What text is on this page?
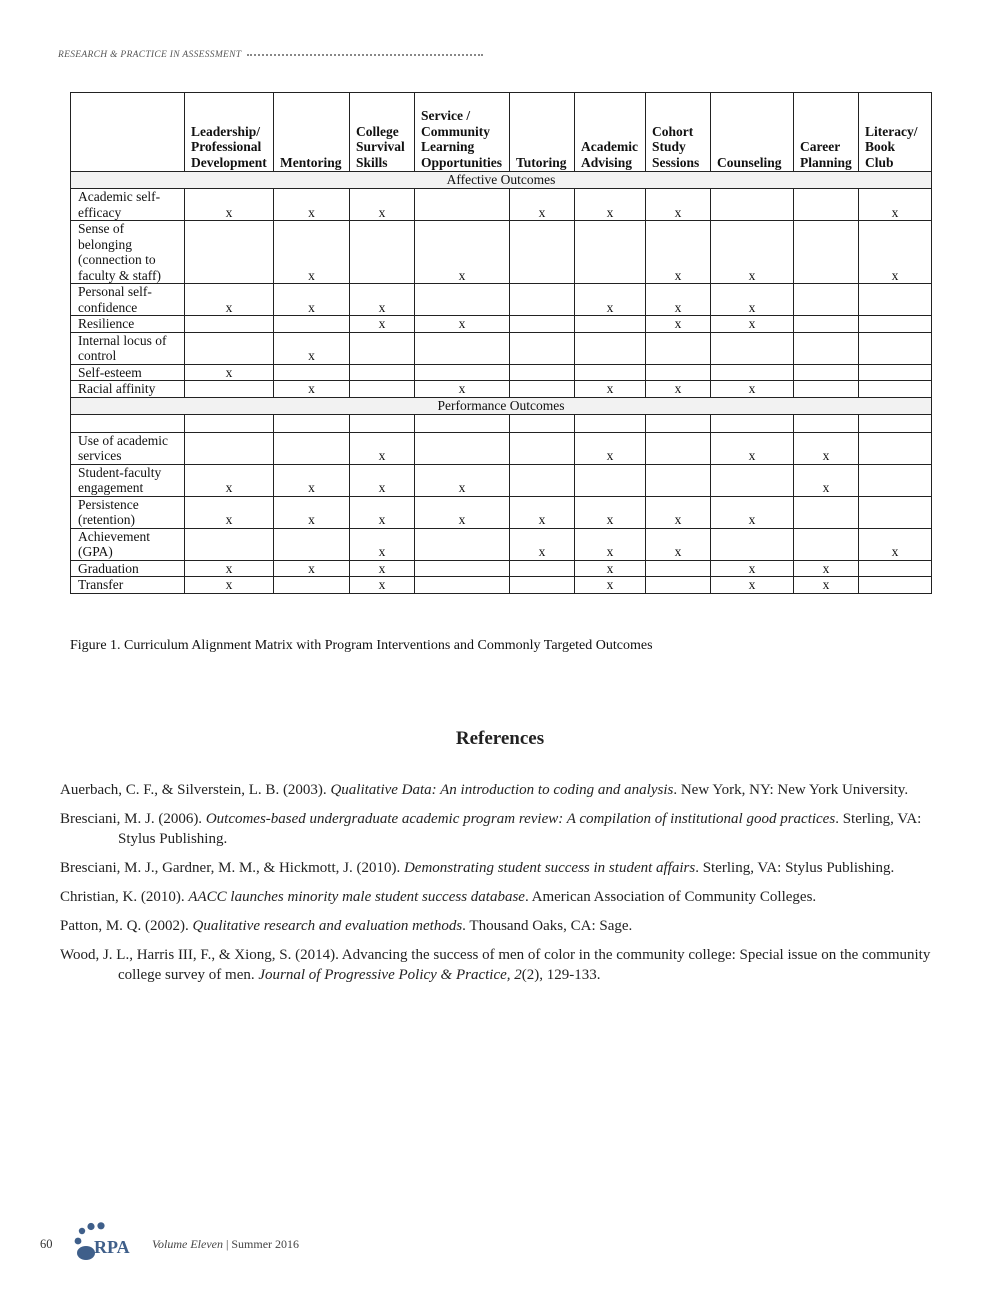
RESEARCH & PRACTICE IN ASSESSMENT
	Leadership/
Professional
Development	Mentoring	College
Survival
Skills	Service /
Community
Learning
Opportunities	Tutoring	Academic
Advising	Cohort
Study
Sessions	Counseling	Career
Planning	Literacy/
Book
Club
Affective Outcomes										
Academic self-
efficacy	x	x	x		x	x	x			x
Sense of
belonging
(connection to
faculty & staff)		x		x			x	x		x
Personal self-
confidence	x	x	x			x	x	x		
Resilience			x	x			x	x		
Internal locus of
control		x								
Self-esteem	x									
Racial affinity		x		x		x	x	x		
Performance Outcomes										

Use of academic
services			x			x		x	x	
Student-faculty
engagement	x	x	x	x					x	
Persistence
(retention)	x	x	x	x	x	x	x	x		
Achievement
(GPA)			x		x	x	x			x
Graduation	x	x	x			x		x	x	
Transfer	x		x			x		x	x	
Figure 1. Curriculum Alignment Matrix with Program Interventions and Commonly Targeted Outcomes
References

Auerbach, C. F., & Silverstein, L. B. (2003). Qualitative Data: An introduction to coding and analysis. New York, NY: New York University.

Bresciani, M. J. (2006). Outcomes-based undergraduate academic program review: A compilation of institutional good practices. Sterling, VA: Stylus Publishing.

Bresciani, M. J., Gardner, M. M., & Hickmott, J. (2010). Demonstrating student success in student affairs. Sterling, VA: Stylus Publishing.

Christian, K. (2010). AACC launches minority male student success database. American Association of Community Colleges.

Patton, M. Q. (2002). Qualitative research and evaluation methods. Thousand Oaks, CA: Sage.

Wood, J. L., Harris III, F., & Xiong, S. (2014). Advancing the success of men of color in the community college: Special issue on the community college survey of men. Journal of Progressive Policy & Practice, 2(2), 129-133.

60	RPA Volume Eleven | Summer 2016
